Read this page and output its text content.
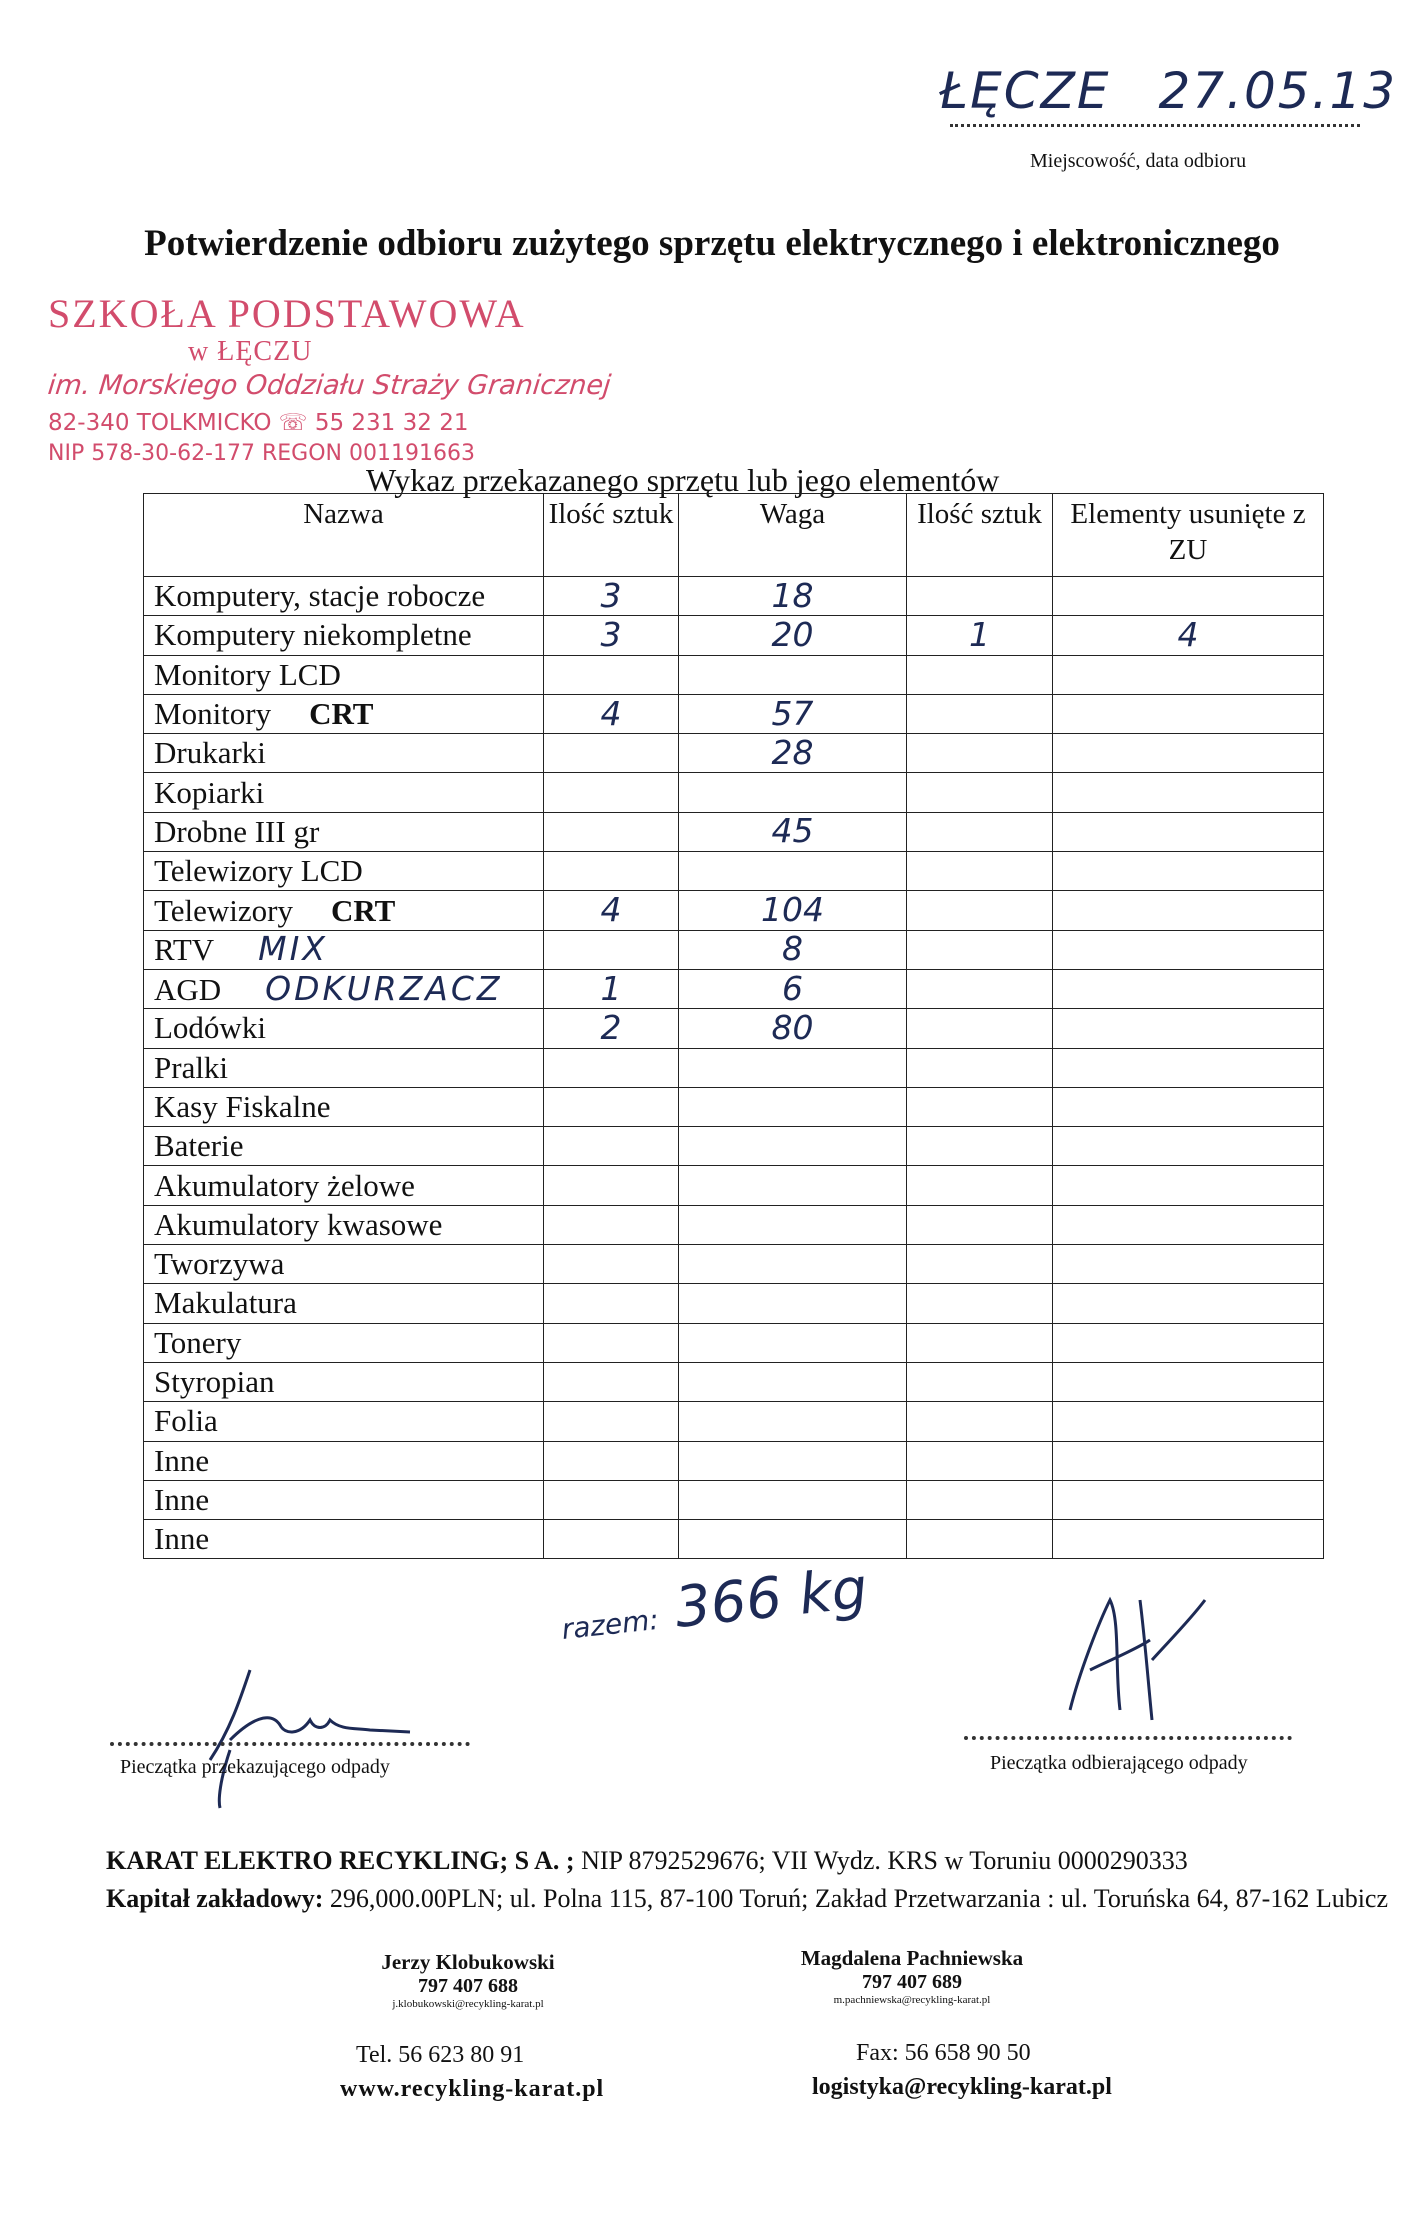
ŁĘCZE 27.05.13
Miejscowość, data odbioru
Potwierdzenie odbioru zużytego sprzętu elektrycznego i elektronicznego
SZKOŁA PODSTAWOWA
w ŁĘCZU
im. Morskiego Oddziału Straży Granicznej
82-340 TOLKMICKO ☏ 55 231 32 21
NIP 578-30-62-177 REGON 001191663
Wykaz przekazanego sprzętu lub jego elementów
Nazwa	Ilość sztuk	Waga	Ilość sztuk	Elementy usunięte z ZU
Komputery, stacje robocze	3	18		
Komputery niekompletne	3	20	1	4
Monitory LCD				
Monitory CRT	4	57		
Drukarki		28		
Kopiarki				
Drobne III gr		45		
Telewizory LCD				
Telewizory CRT	4	104		
RTV MIX		8		
AGD ODKURZACZ	1	6		
Lodówki	2	80		
Pralki				
Kasy Fiskalne				
Baterie				
Akumulatory żelowe				
Akumulatory kwasowe				
Tworzywa				
Makulatura				
Tonery				
Styropian				
Folia				
Inne				
Inne				
Inne				
razem: 366 kg
Pieczątka przekazującego odpady	Pieczątka odbierającego odpady
KARAT ELEKTRO RECYKLING; S A. ; NIP 8792529676; VII Wydz. KRS w Toruniu 0000290333
Kapitał zakładowy: 296,000.00PLN; ul. Polna 115, 87-100 Toruń; Zakład Przetwarzania : ul. Toruńska 64, 87-162 Lubicz
Jerzy Klobukowski
797 407 688
j.klobukowski@recykling-karat.pl
Magdalena Pachniewska
797 407 689
m.pachniewska@recykling-karat.pl
Tel. 56 623 80 91
www.recykling-karat.pl
Fax: 56 658 90 50
logistyka@recykling-karat.pl
